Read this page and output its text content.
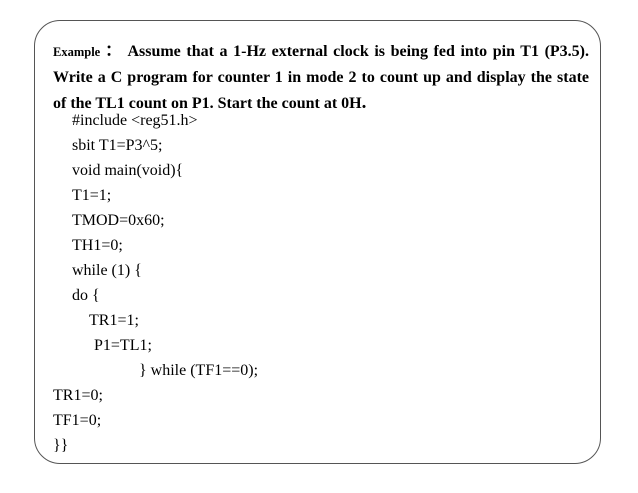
Example ： Assume that a 1-Hz external clock is being fed into pin T1 (P3.5). Write a C program for counter 1 in mode 2 to count up and display the state of the TL1 count on P1. Start the count at 0H.

#include <reg51.h>

sbit T1=P3^5;

void main(void){

T1=1;

TMOD=0x60;

TH1=0;

while (1) {

do {

TR1=1;

P1=TL1;

} while (TF1==0);

TR1=0;

TF1=0;

}}
